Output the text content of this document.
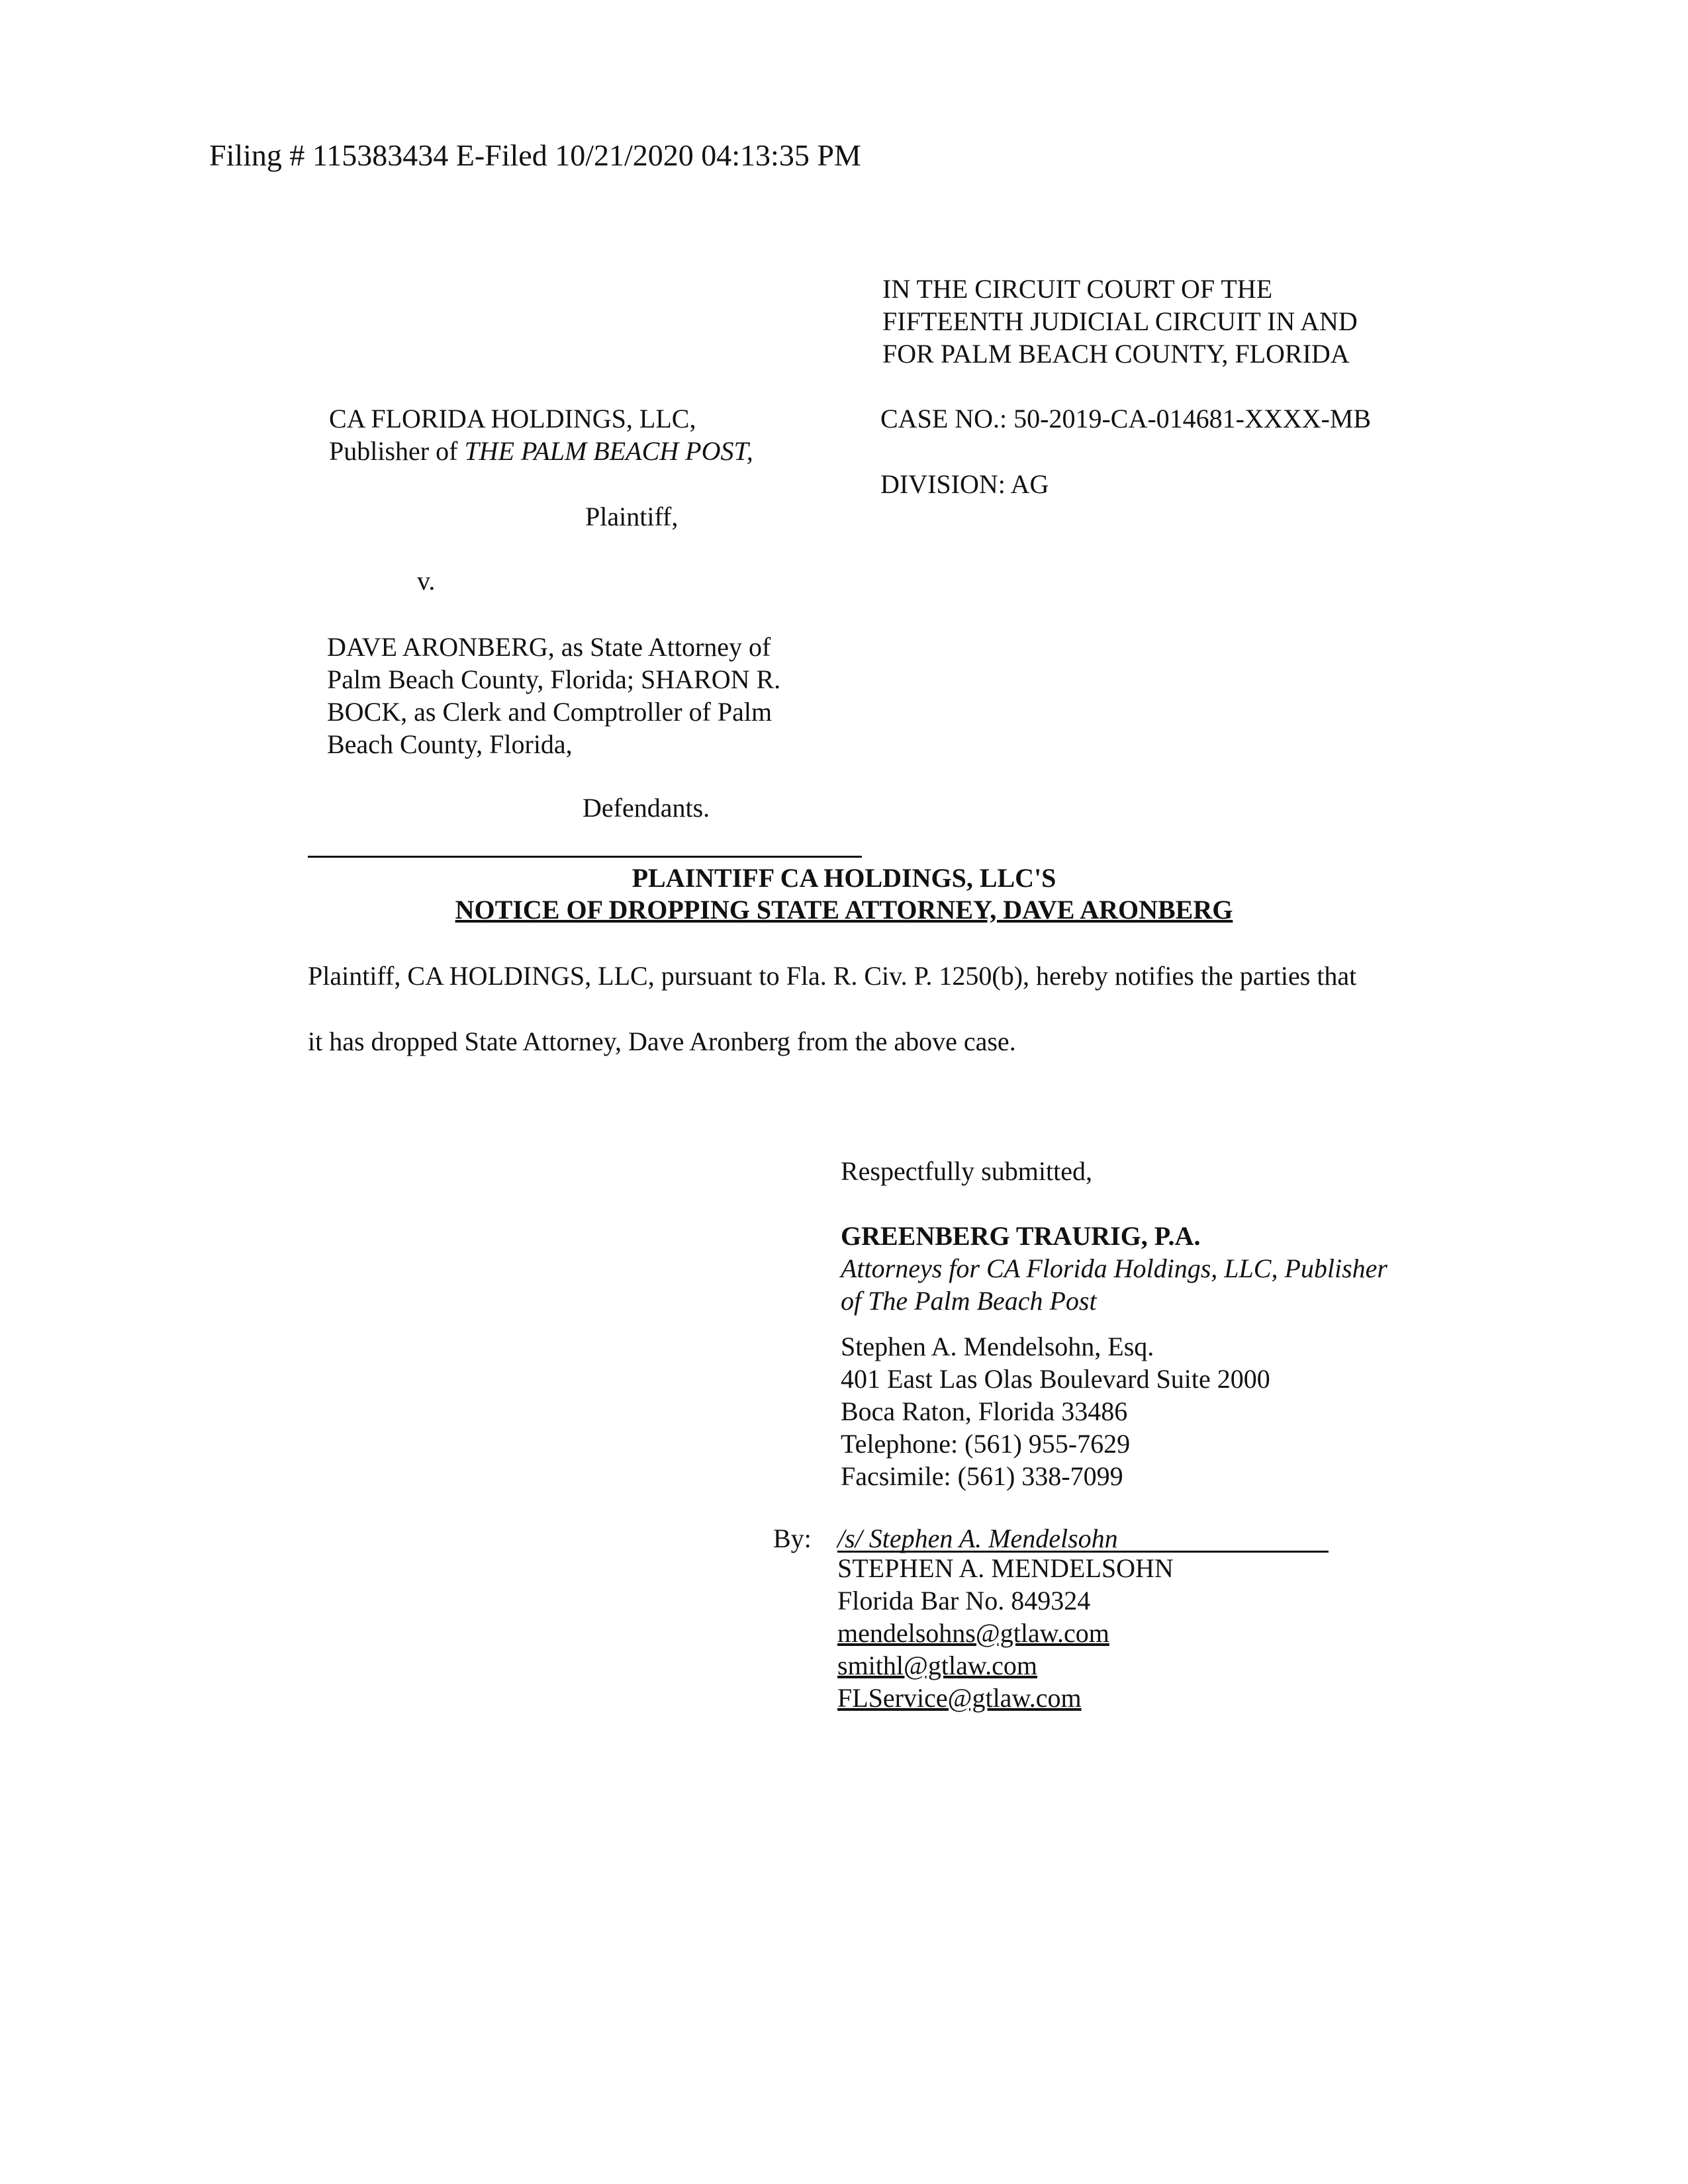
Filing # 115383434 E-Filed 10/21/2020 04:13:35 PM
IN THE CIRCUIT COURT OF THE
FIFTEENTH JUDICIAL CIRCUIT IN AND
FOR PALM BEACH COUNTY, FLORIDA
CASE NO.: 50-2019-CA-014681-XXXX-MB
DIVISION: AG
CA FLORIDA HOLDINGS, LLC,
Publisher of THE PALM BEACH POST,
Plaintiff,
v.
DAVE ARONBERG, as State Attorney of
Palm Beach County, Florida; SHARON R.
BOCK, as Clerk and Comptroller of Palm
Beach County, Florida,
Defendants.
PLAINTIFF CA HOLDINGS, LLC'S
NOTICE OF DROPPING STATE ATTORNEY, DAVE ARONBERG
Plaintiff, CA HOLDINGS, LLC, pursuant to Fla. R. Civ. P. 1250(b), hereby notifies the parties that
it has dropped State Attorney, Dave Aronberg from the above case.
Respectfully submitted,
GREENBERG TRAURIG, P.A.
Attorneys for CA Florida Holdings, LLC, Publisher
of The Palm Beach Post
Stephen A. Mendelsohn, Esq.
401 East Las Olas Boulevard Suite 2000
Boca Raton, Florida 33486
Telephone: (561) 955-7629
Facsimile: (561) 338-7099
By: /s/ Stephen A. Mendelsohn
STEPHEN A. MENDELSOHN
Florida Bar No. 849324
mendelsohns@gtlaw.com
smithl@gtlaw.com
FLService@gtlaw.com
